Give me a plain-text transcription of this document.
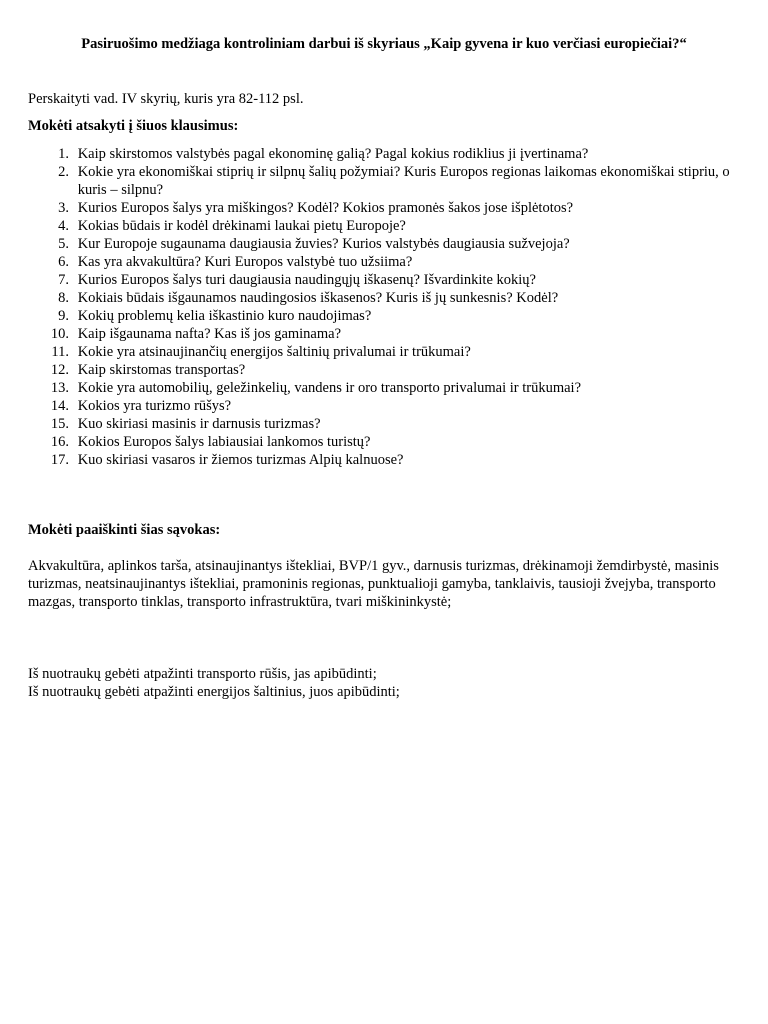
Pasiruošimo medžiaga kontroliniam darbui iš skyriaus „Kaip gyvena ir kuo verčiasi europiečiai?“

Perskaityti vad. IV skyrių, kuris yra 82-112 psl.

Mokėti atsakyti į šiuos klausimus:

1. Kaip skirstomos valstybės pagal ekonominę galią? Pagal kokius rodiklius ji įvertinama?
2. Kokie yra ekonomiškai stiprių ir silpnų šalių požymiai? Kuris Europos regionas laikomas ekonomiškai stipriu, o kuris – silpnu?
3. Kurios Europos šalys yra miškingos? Kodėl? Kokios pramonės šakos jose išplėtotos?
4. Kokias būdais ir kodėl drėkinami laukai pietų Europoje?
5. Kur Europoje sugaunama daugiausia žuvies? Kurios valstybės daugiausia sužvejoja?
6. Kas yra akvakultūra? Kuri Europos valstybė tuo užsiima?
7. Kurios Europos šalys turi daugiausia naudingųjų iškasenų? Išvardinkite kokių?
8. Kokiais būdais išgaunamos naudingosios iškasenos? Kuris iš jų sunkesnis? Kodėl?
9. Kokių problemų kelia iškastinio kuro naudojimas?
10. Kaip išgaunama nafta? Kas iš jos gaminama?
11. Kokie yra atsinaujinančių energijos šaltinių privalumai ir trūkumai?
12. Kaip skirstomas transportas?
13. Kokie yra automobilių, geležinkelių, vandens ir oro transporto privalumai ir trūkumai?
14. Kokios yra turizmo rūšys?
15. Kuo skiriasi masinis ir darnusis turizmas?
16. Kokios Europos šalys labiausiai lankomos turistų?
17. Kuo skiriasi vasaros ir žiemos turizmas Alpių kalnuose?

Mokėti paaiškinti šias sąvokas:

Akvakultūra, aplinkos tarša, atsinaujinantys ištekliai, BVP/1 gyv., darnusis turizmas, drėkinamoji žemdirbystė, masinis turizmas, neatsinaujinantys ištekliai, pramoninis regionas, punktualioji gamyba, tanklaivis, tausioji žvejyba, transporto mazgas, transporto tinklas, transporto infrastruktūra, tvari miškininkystė;

Iš nuotraukų gebėti atpažinti transporto rūšis, jas apibūdinti;

Iš nuotraukų gebėti atpažinti energijos šaltinius, juos apibūdinti;
